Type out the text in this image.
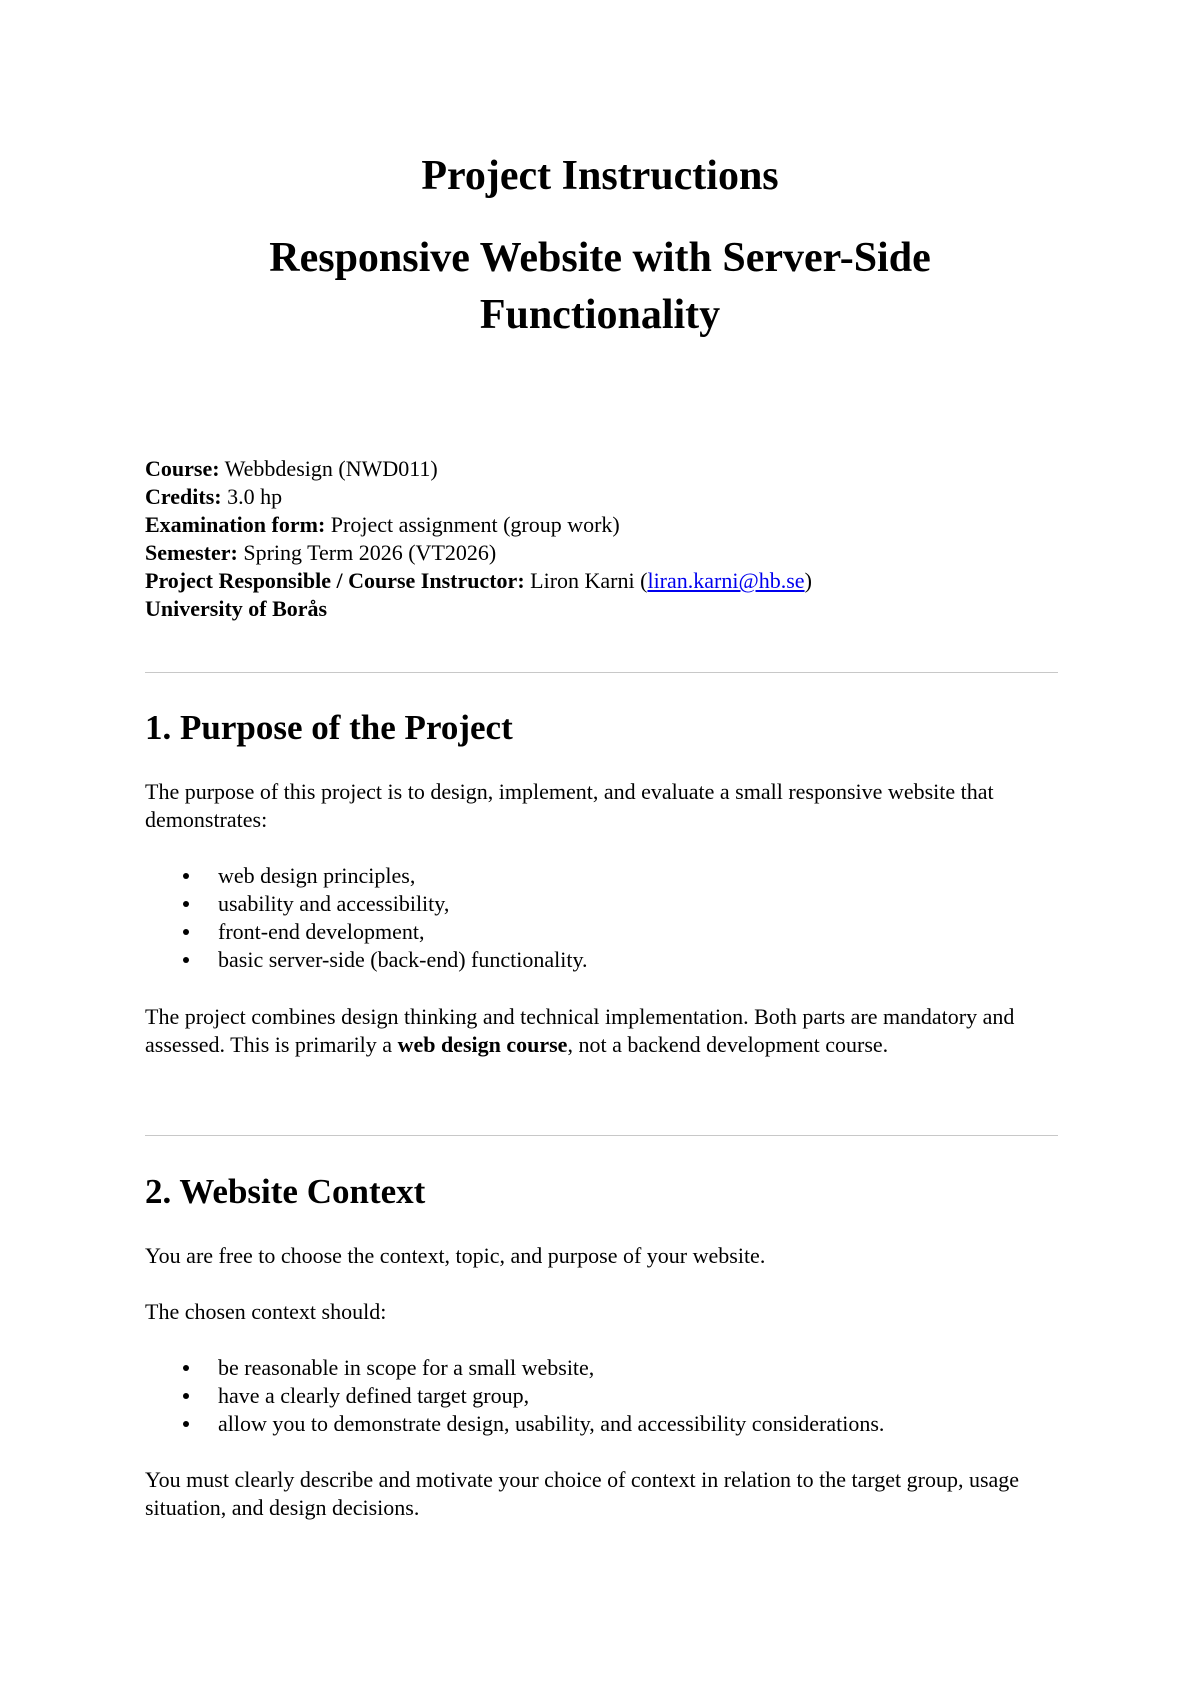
Project Instructions
Responsive Website with Server-Side Functionality
Course: Webbdesign (NWD011)
Credits: 3.0 hp
Examination form: Project assignment (group work)
Semester: Spring Term 2026 (VT2026)
Project Responsible / Course Instructor: Liron Karni (liran.karni@hb.se)
University of Borås
1. Purpose of the Project

The purpose of this project is to design, implement, and evaluate a small responsive website that demonstrates:

web design principles,
usability and accessibility,
front-end development,
basic server-side (back-end) functionality.

The project combines design thinking and technical implementation. Both parts are mandatory and assessed. This is primarily a web design course, not a backend development course.

2. Website Context

You are free to choose the context, topic, and purpose of your website.

The chosen context should:

be reasonable in scope for a small website,
have a clearly defined target group,
allow you to demonstrate design, usability, and accessibility considerations.

You must clearly describe and motivate your choice of context in relation to the target group, usage situation, and design decisions.
